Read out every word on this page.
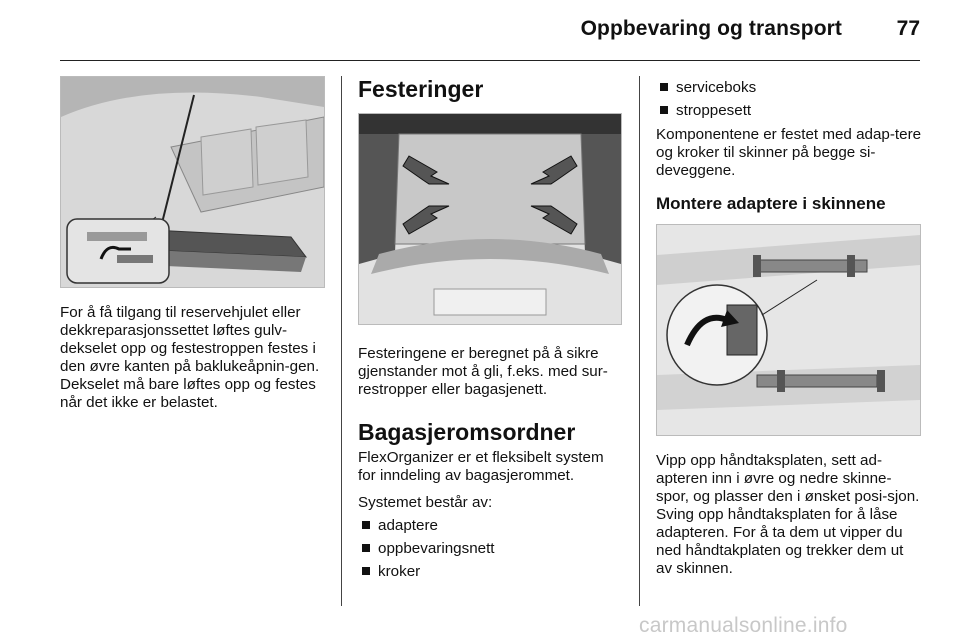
Oppbevaring og transport	77

For å få tilgang til reservehjulet eller dekkreparasjonssettet løftes gulv-dekselet opp og festestroppen festes i den øvre kanten på baklukeåpnin-gen. Dekselet må bare løftes opp og festes når det ikke er belastet.

Festeringer

Festeringene er beregnet på å sikre gjenstander mot å gli, f.eks. med sur-restropper eller bagasjenett.

Bagasjeromsordner

FlexOrganizer er et fleksibelt system for inndeling av bagasjerommet.

Systemet består av:

adaptere
oppbevaringsnett
kroker
serviceboks
stroppesett

Komponentene er festet med adap-tere og kroker til skinner på begge si-deveggene.

Montere adaptere i skinnene

Vipp opp håndtaksplaten, sett ad-apteren inn i øvre og nedre skinne-spor, og plasser den i ønsket posi-sjon. Sving opp håndtaksplaten for å låse adapteren. For å ta dem ut vipper du ned håndtakplaten og trekker dem ut av skinnen.

carmanualsonline.info
